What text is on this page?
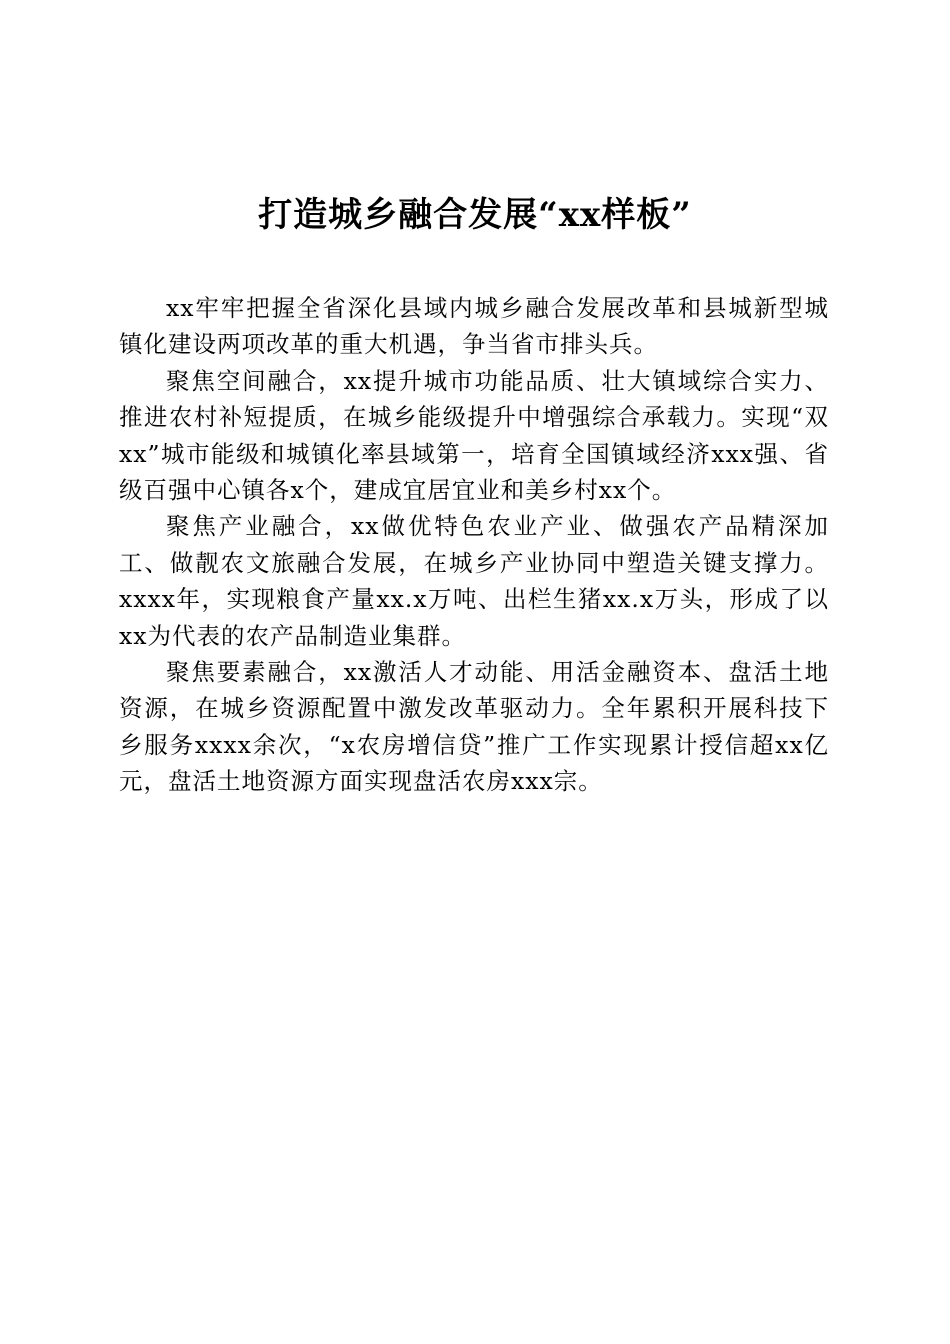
打造城乡融合发展“xx样板”

xx牢牢把握全省深化县域内城乡融合发展改革和县城新型城镇化建设两项改革的重大机遇，争当省市排头兵。

聚焦空间融合，xx提升城市功能品质、壮大镇域综合实力、推进农村补短提质，在城乡能级提升中增强综合承载力。实现“双xx”城市能级和城镇化率县域第一，培育全国镇域经济xxx强、省级百强中心镇各x个，建成宜居宜业和美乡村xx个。

聚焦产业融合，xx做优特色农业产业、做强农产品精深加工、做靓农文旅融合发展，在城乡产业协同中塑造关键支撑力。xxxx年，实现粮食产量xx.x万吨、出栏生猪xx.x万头，形成了以xx为代表的农产品制造业集群。

聚焦要素融合，xx激活人才动能、用活金融资本、盘活土地资源，在城乡资源配置中激发改革驱动力。全年累积开展科技下乡服务xxxx余次，“x农房增信贷”推广工作实现累计授信超xx亿元，盘活土地资源方面实现盘活农房xxx宗。
